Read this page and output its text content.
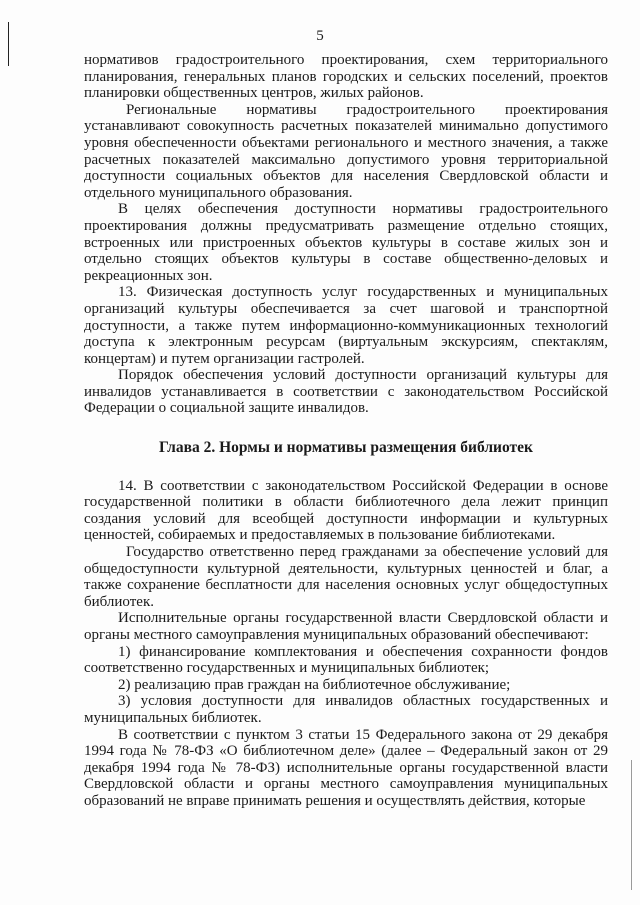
5

нормативов градостроительного проектирования, схем территориального планирования, генеральных планов городских и сельских поселений, проектов планировки общественных центров, жилых районов.

Региональные нормативы градостроительного проектирования устанавливают совокупность расчетных показателей минимально допустимого уровня обеспеченности объектами регионального и местного значения, а также расчетных показателей максимально допустимого уровня территориальной доступности социальных объектов для населения Свердловской области и отдельного муниципального образования.

В целях обеспечения доступности нормативы градостроительного проектирования должны предусматривать размещение отдельно стоящих, встроенных или пристроенных объектов культуры в составе жилых зон и отдельно стоящих объектов культуры в составе общественно-деловых и рекреационных зон.

13. Физическая доступность услуг государственных и муниципальных организаций культуры обеспечивается за счет шаговой и транспортной доступности, а также путем информационно-коммуникационных технологий доступа к электронным ресурсам (виртуальным экскурсиям, спектаклям, концертам) и путем организации гастролей.

Порядок обеспечения условий доступности организаций культуры для инвалидов устанавливается в соответствии с законодательством Российской Федерации о социальной защите инвалидов.

Глава 2. Нормы и нормативы размещения библиотек

14. В соответствии с законодательством Российской Федерации в основе государственной политики в области библиотечного дела лежит принцип создания условий для всеобщей доступности информации и культурных ценностей, собираемых и предоставляемых в пользование библиотеками.

Государство ответственно перед гражданами за обеспечение условий для общедоступности культурной деятельности, культурных ценностей и благ, а также сохранение бесплатности для населения основных услуг общедоступных библиотек.

Исполнительные органы государственной власти Свердловской области и органы местного самоуправления муниципальных образований обеспечивают:

1) финансирование комплектования и обеспечения сохранности фондов соответственно государственных и муниципальных библиотек;

2) реализацию прав граждан на библиотечное обслуживание;

3) условия доступности для инвалидов областных государственных и муниципальных библиотек.

В соответствии с пунктом 3 статьи 15 Федерального закона от 29 декабря 1994 года № 78-ФЗ «О библиотечном деле» (далее – Федеральный закон от 29 декабря 1994 года № 78-ФЗ) исполнительные органы государственной власти Свердловской области и органы местного самоуправления муниципальных образований не вправе принимать решения и осуществлять действия, которые
